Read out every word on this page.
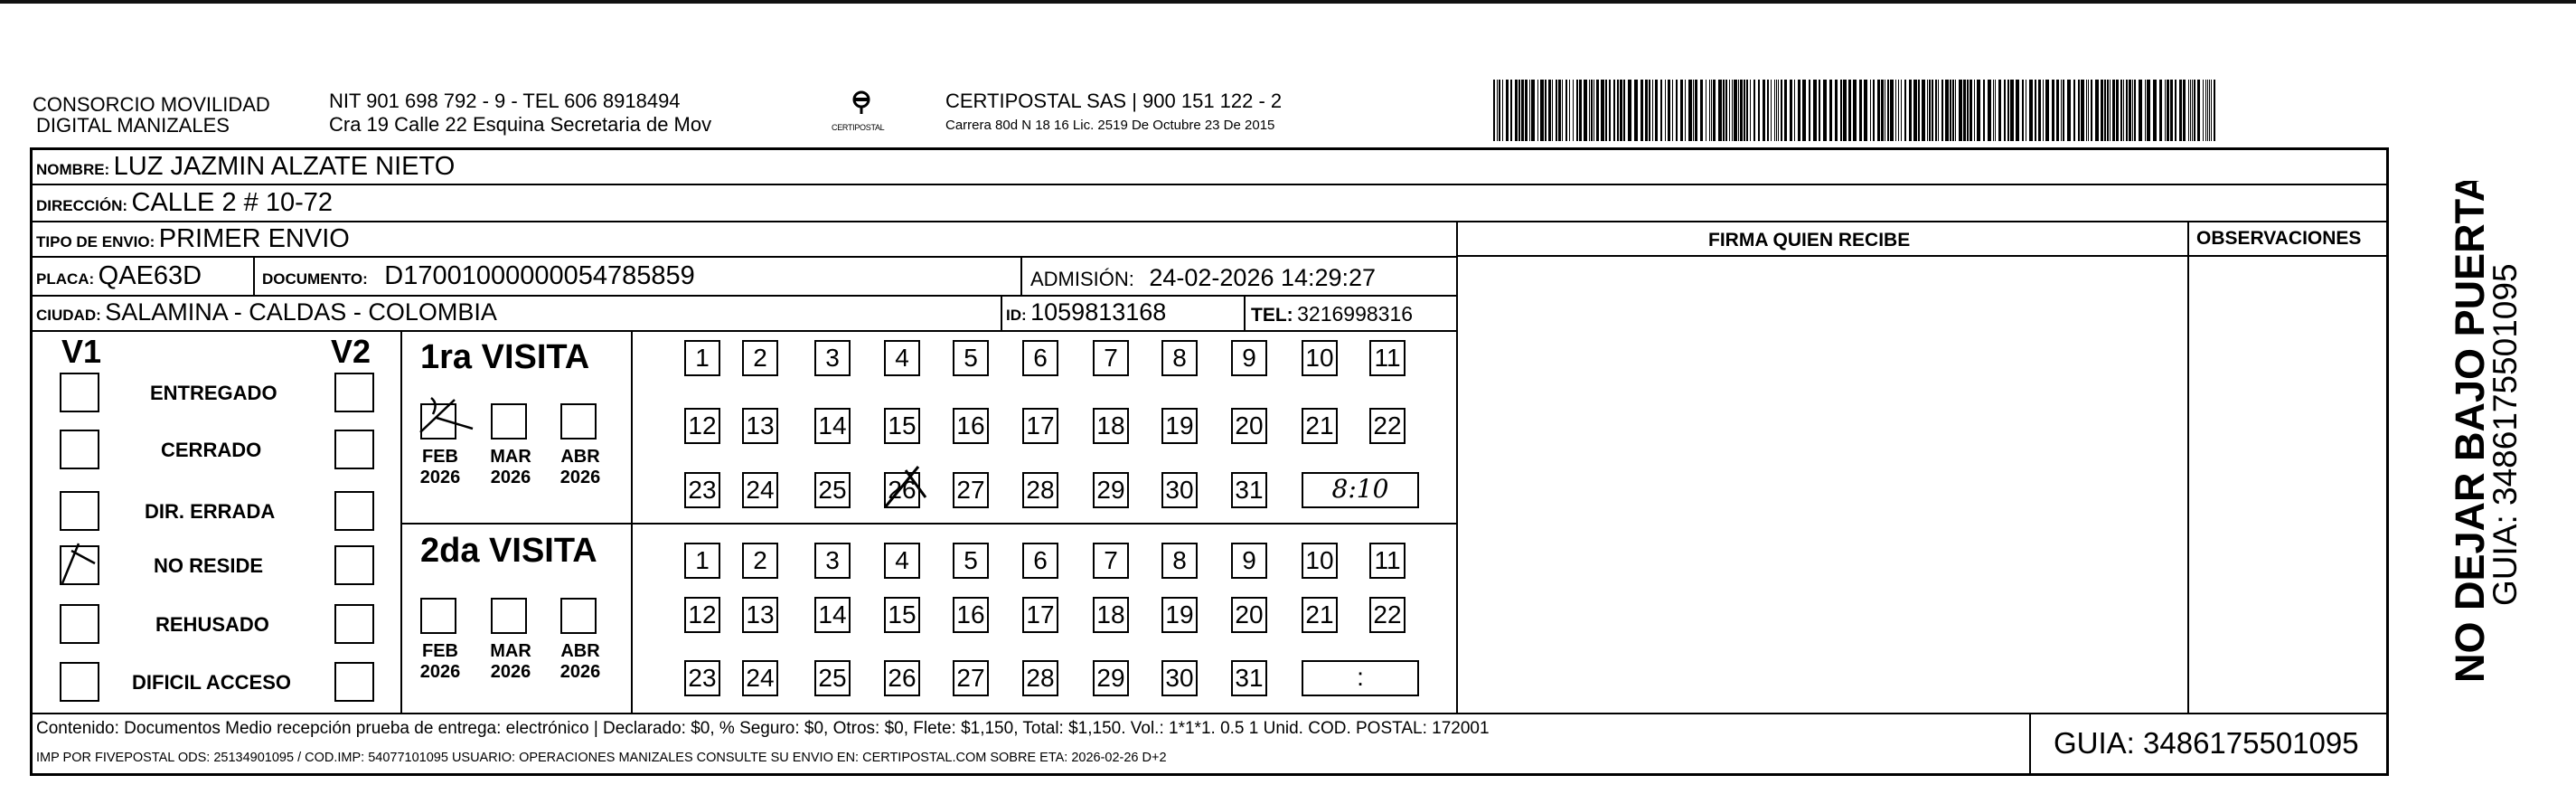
CONSORCIO MOVILIDAD
DIGITAL MANIZALES
NIT 901 698 792 - 9 - TEL 606 8918494
Cra 19 Calle 22 Esquina Secretaria de Mov	CERTIPOSTAL
CERTIPOSTAL SAS | 900 151 122 - 2
Carrera 80d N 18 16 Lic. 2519 De Octubre 23 De 2015
NOMBRE: LUZ JAZMIN ALZATE NIETO
DIRECCIÓN: CALLE 2 # 10-72
TIPO DE ENVIO: PRIMER ENVIO	FIRMA QUIEN RECIBE	OBSERVACIONES
PLACA: QAE63D	DOCUMENTO: D17001000000054785859	ADMISIÓN: 24-02-2026 14:29:27
CIUDAD: SALAMINA - CALDAS - COLOMBIA	ID: 1059813168	TEL: 3216998316
V1	V2
ENTREGADO
CERRADO
DIR. ERRADA
NO RESIDE
REHUSADO
DIFICIL ACCESO
1ra VISITA
2da VISITA
FEB
2026
MAR
2026
ABR
2026
FEB
2026
MAR
2026
ABR
2026
1	2	3	4	5	6	7	8	9	10 11
12 13 14 15 16 17 18 19 20 21 22
23 24 25 26 27 28 29 30 31	8:10
1	2	3	4	5	6	7	8	9	10 11
12 13 14 15 16 17 18 19 20 21 22
23 24 25 26 27 28 29 30 31	:
Contenido: Documentos Medio recepción prueba de entrega: electrónico | Declarado: $0, % Seguro: $0, Otros: $0, Flete: $1,150, Total: $1,150. Vol.: 1*1*1. 0.5 1 Unid. COD. POSTAL: 172001
IMP POR FIVEPOSTAL ODS: 25134901095 / COD.IMP: 54077101095 USUARIO: OPERACIONES MANIZALES CONSULTE SU ENVIO EN: CERTIPOSTAL.COM SOBRE ETA: 2026-02-26 D+2	GUIA: 3486175501095
NO DEJAR BAJO PUERTA
GUIA: 3486175501095
